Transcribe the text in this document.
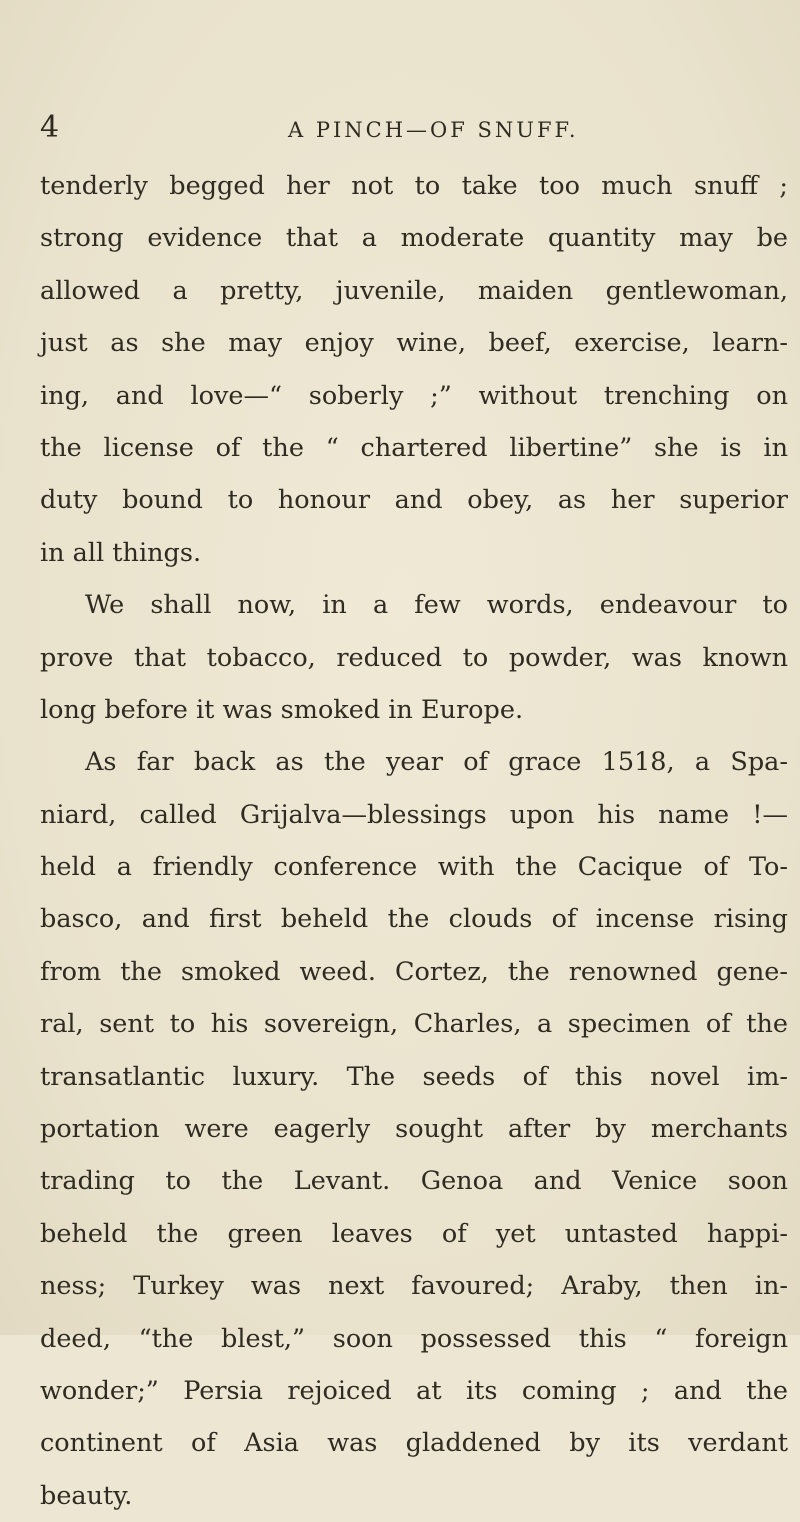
4	A PINCH—OF SNUFF.
tenderly begged her not to take too much snuff ;
strong evidence that a moderate quantity may be
allowed a pretty, juvenile, maiden gentlewoman,
just as she may enjoy wine, beef, exercise, learn-
ing, and love—“ soberly ;” without trenching on
the license of the “ chartered libertine” she is in
duty bound to honour and obey, as her superior
in all things.
We shall now, in a few words, endeavour to
prove that tobacco, reduced to powder, was known
long before it was smoked in Europe.
As far back as the year of grace 1518, a Spa-
niard, called Grijalva—blessings upon his name !—
held a friendly conference with the Cacique of To-
basco, and first beheld the clouds of incense rising
from the smoked weed. Cortez, the renowned gene-
ral, sent to his sovereign, Charles, a specimen of the
transatlantic luxury. The seeds of this novel im-
portation were eagerly sought after by merchants
trading to the Levant. Genoa and Venice soon
beheld the green leaves of yet untasted happi-
ness; Turkey was next favoured; Araby, then in-
deed, “the blest,” soon possessed this “ foreign
wonder;” Persia rejoiced at its coming ; and the
continent of Asia was gladdened by its verdant
beauty.
